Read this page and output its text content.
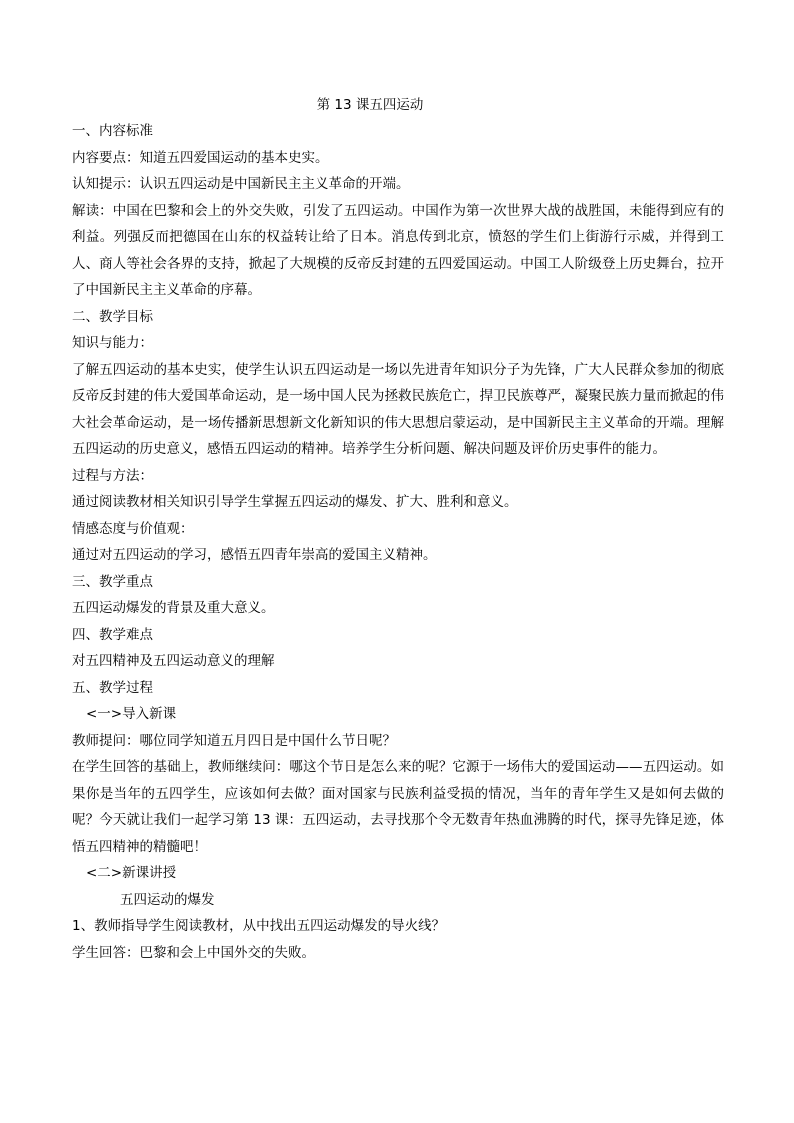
第 13 课五四运动

一、内容标准

内容要点：知道五四爱国运动的基本史实。

认知提示：认识五四运动是中国新民主主义革命的开端。

解读：中国在巴黎和会上的外交失败，引发了五四运动。中国作为第一次世界大战的战胜国，未能得到应有的利益。列强反而把德国在山东的权益转让给了日本。消息传到北京，愤怒的学生们上街游行示威，并得到工人、商人等社会各界的支持，掀起了大规模的反帝反封建的五四爱国运动。中国工人阶级登上历史舞台，拉开了中国新民主主义革命的序幕。

二、教学目标

知识与能力：

了解五四运动的基本史实，使学生认识五四运动是一场以先进青年知识分子为先锋，广大人民群众参加的彻底反帝反封建的伟大爱国革命运动，是一场中国人民为拯救民族危亡，捍卫民族尊严，凝聚民族力量而掀起的伟大社会革命运动，是一场传播新思想新文化新知识的伟大思想启蒙运动，是中国新民主主义革命的开端。理解五四运动的历史意义，感悟五四运动的精神。培养学生分析问题、解决问题及评价历史事件的能力。

过程与方法：

通过阅读教材相关知识引导学生掌握五四运动的爆发、扩大、胜利和意义。

情感态度与价值观：

通过对五四运动的学习，感悟五四青年崇高的爱国主义精神。

三、教学重点

五四运动爆发的背景及重大意义。

四、教学难点

对五四精神及五四运动意义的理解

五、教学过程

<一>导入新课

教师提问：哪位同学知道五月四日是中国什么节日呢？

在学生回答的基础上，教师继续问：哪这个节日是怎么来的呢？它源于一场伟大的爱国运动——五四运动。如果你是当年的五四学生，应该如何去做？面对国家与民族利益受损的情况，当年的青年学生又是如何去做的呢？今天就让我们一起学习第 13 课：五四运动，去寻找那个令无数青年热血沸腾的时代，探寻先锋足迹，体悟五四精神的精髓吧！

<二>新课讲授

五四运动的爆发

1、教师指导学生阅读教材，从中找出五四运动爆发的导火线？

学生回答：巴黎和会上中国外交的失败。
